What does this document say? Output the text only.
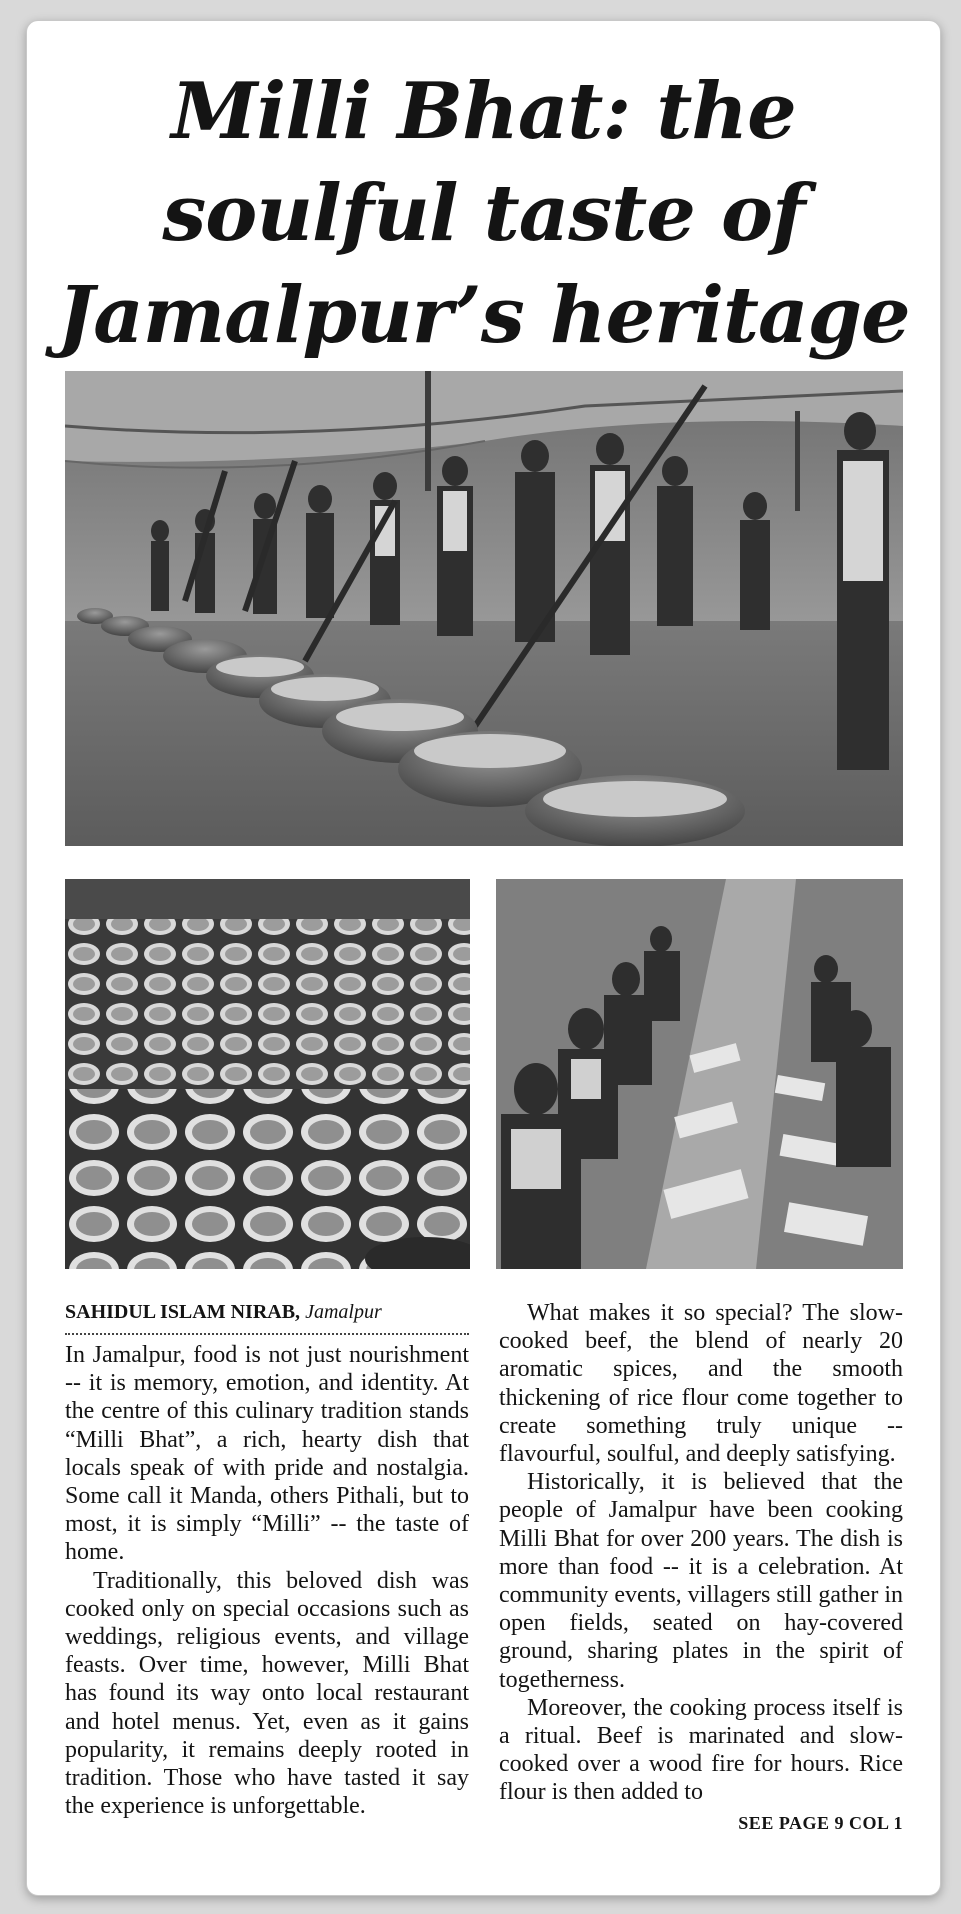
Milli Bhat: the
soulful taste of
Jamalpur’s heritage
SAHIDUL ISLAM NIRAB, Jamalpur

In Jamalpur, food is not just nourishment -- it is memory, emotion, and identity. At the centre of this culinary tradition stands “Milli Bhat”, a rich, hearty dish that locals speak of with pride and nostalgia. Some call it Manda, others Pithali, but to most, it is simply “Milli” -- the taste of home.

Traditionally, this beloved dish was cooked only on special occasions such as weddings, religious events, and village feasts. Over time, however, Milli Bhat has found its way onto local restaurant and hotel menus. Yet, even as it gains popularity, it remains deeply rooted in tradition. Those who have tasted it say the experience is unforgettable.

What makes it so special? The slow-cooked beef, the blend of nearly 20 aromatic spices, and the smooth thickening of rice flour come together to create something truly unique -- flavourful, soulful, and deeply satisfying.

Historically, it is believed that the people of Jamalpur have been cooking Milli Bhat for over 200 years. The dish is more than food -- it is a celebration. At community events, villagers still gather in open fields, seated on hay-covered ground, sharing plates in the spirit of togetherness.

Moreover, the cooking process itself is a ritual. Beef is marinated and slow-cooked over a wood fire for hours. Rice flour is then added to

SEE PAGE 9 COL 1
